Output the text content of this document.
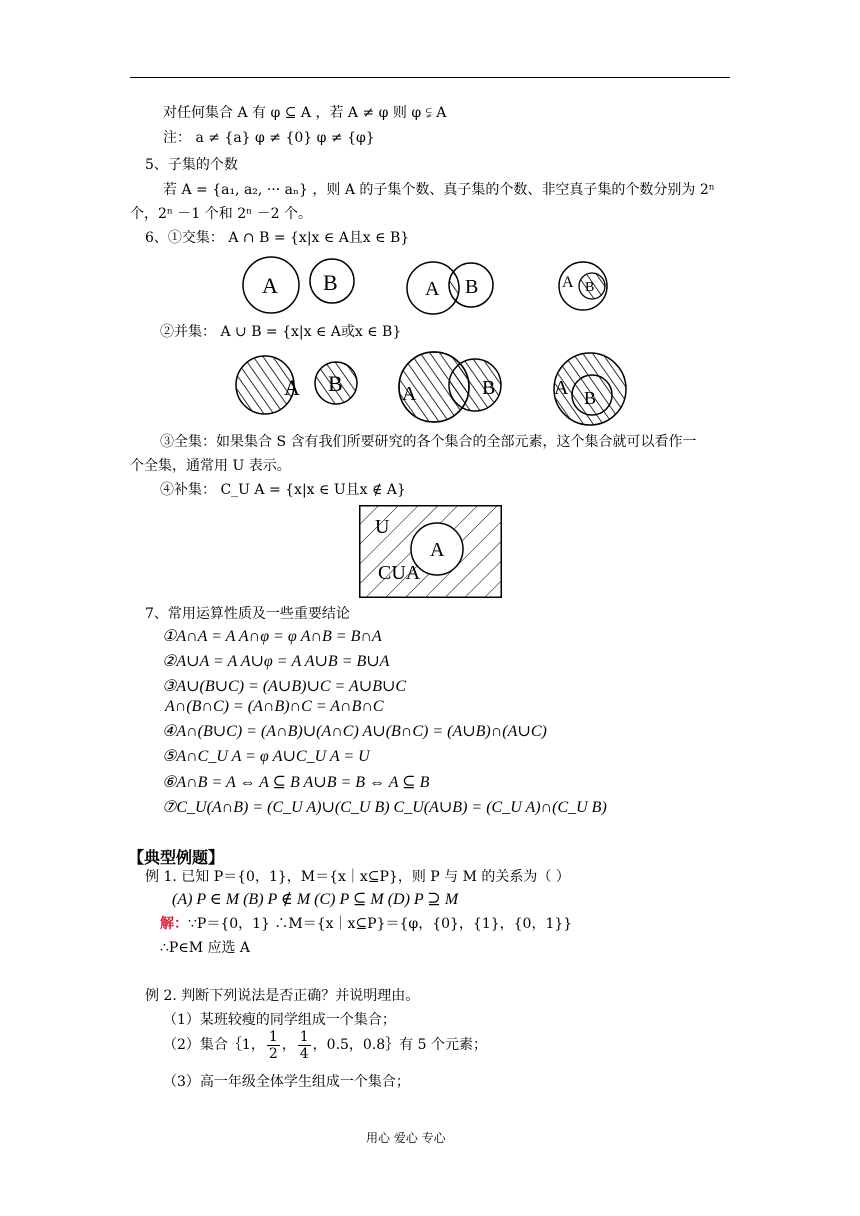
对任何集合 A 有 φ ⊆ A ，若 A ≠ φ 则 φ ⫋ A
注： a ≠ {a} φ ≠ {0} φ ≠ {φ}
5、子集的个数
若 A = {a₁, a₂, ··· aₙ} ，则 A 的子集个数、真子集的个数、非空真子集的个数分别为 2ⁿ
个，2ⁿ －1 个和 2ⁿ －2 个。
6、①交集： A ∩ B = {x|x ∈ A且x ∈ B}
A B	A B	A B
②并集： A ∪ B = {x|x ∈ A或x ∈ B}
A B	A	B	A B
③全集：如果集合 S 含有我们所要研究的各个集合的全部元素，这个集合就可以看作一
个全集，通常用 U 表示。
④补集： C_U A = {x|x ∈ U且x ∉ A}
U
A
CUA
7、常用运算性质及一些重要结论
①A∩A = A A∩φ = φ A∩B = B∩A
②A∪A = A A∪φ = A A∪B = B∪A
③A∪(B∪C) = (A∪B)∪C = A∪B∪C
A∩(B∩C) = (A∩B)∩C = A∩B∩C
④A∩(B∪C) = (A∩B)∪(A∩C) A∪(B∩C) = (A∪B)∩(A∪C)
⑤A∩C_U A = φ A∪C_U A = U
⑥A∩B = A ⇔ A ⊆ B A∪B = B ⇔ A ⊆ B
⑦C_U(A∩B) = (C_U A)∪(C_U B) C_U(A∪B) = (C_U A)∩(C_U B)
【典型例题】
例 1. 已知 P＝{0，1}，M＝{x｜x⊆P}，则 P 与 M 的关系为（ ）
(A) P ∈ M (B) P ∉ M (C) P ⊆ M (D) P ⊇ M
解：∵P＝{0，1} ∴M＝{x｜x⊆P}＝{φ，{0}，{1}，{0，1}}
∴P∈M 应选 A
例 2. 判断下列说法是否正确？并说明理由。
（1）某班较瘦的同学组成一个集合；
（2）集合｛1， $\frac{1}{2}$ ， $\frac{1}{4}$ ，0.5，0.8｝有 5 个元素；
（3）高一年级全体学生组成一个集合；
用心 爱心 专心
